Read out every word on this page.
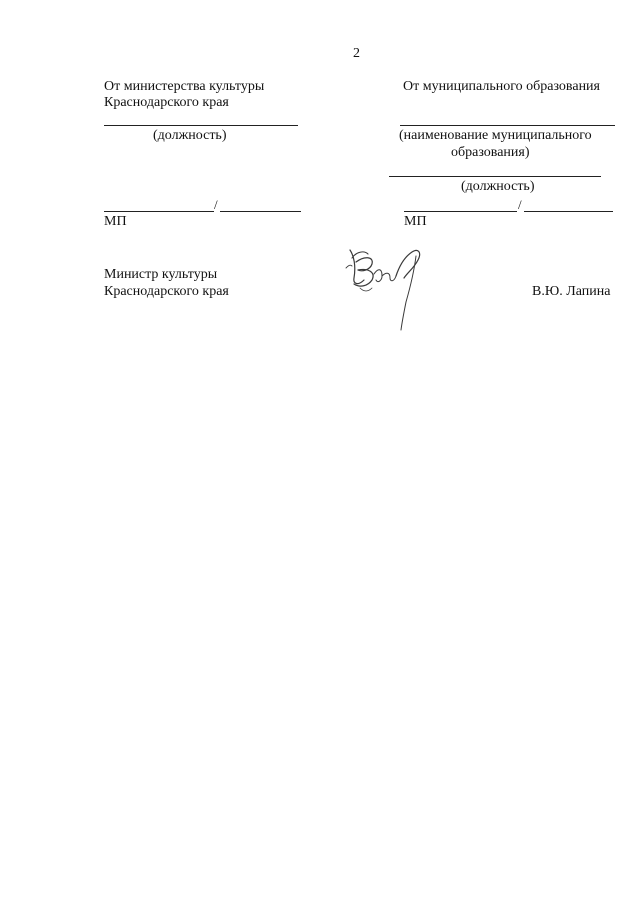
2
От министерства культуры
Краснодарского края
(должность)
/
МП
От муниципального образования
(наименование муниципального
образования)
(должность)
/
МП
Министр культуры
Краснодарского края	В.Ю. Лапина
